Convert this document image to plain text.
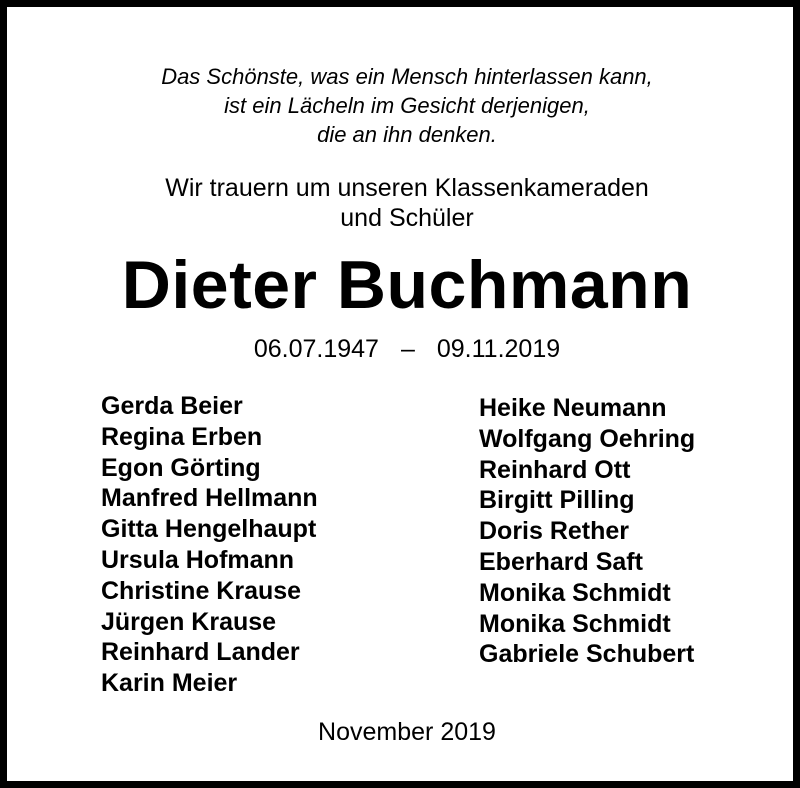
Das Schönste, was ein Mensch hinterlassen kann,
ist ein Lächeln im Gesicht derjenigen,
die an ihn denken.
Wir trauern um unseren Klassenkameraden
und Schüler
Dieter Buchmann
06.07.1947 – 09.11.2019
Gerda Beier
Regina Erben
Egon Görting
Manfred Hellmann
Gitta Hengelhaupt
Ursula Hofmann
Christine Krause
Jürgen Krause
Reinhard Lander
Karin Meier
Heike Neumann
Wolfgang Oehring
Reinhard Ott
Birgitt Pilling
Doris Rether
Eberhard Saft
Monika Schmidt
Monika Schmidt
Gabriele Schubert
November 2019
